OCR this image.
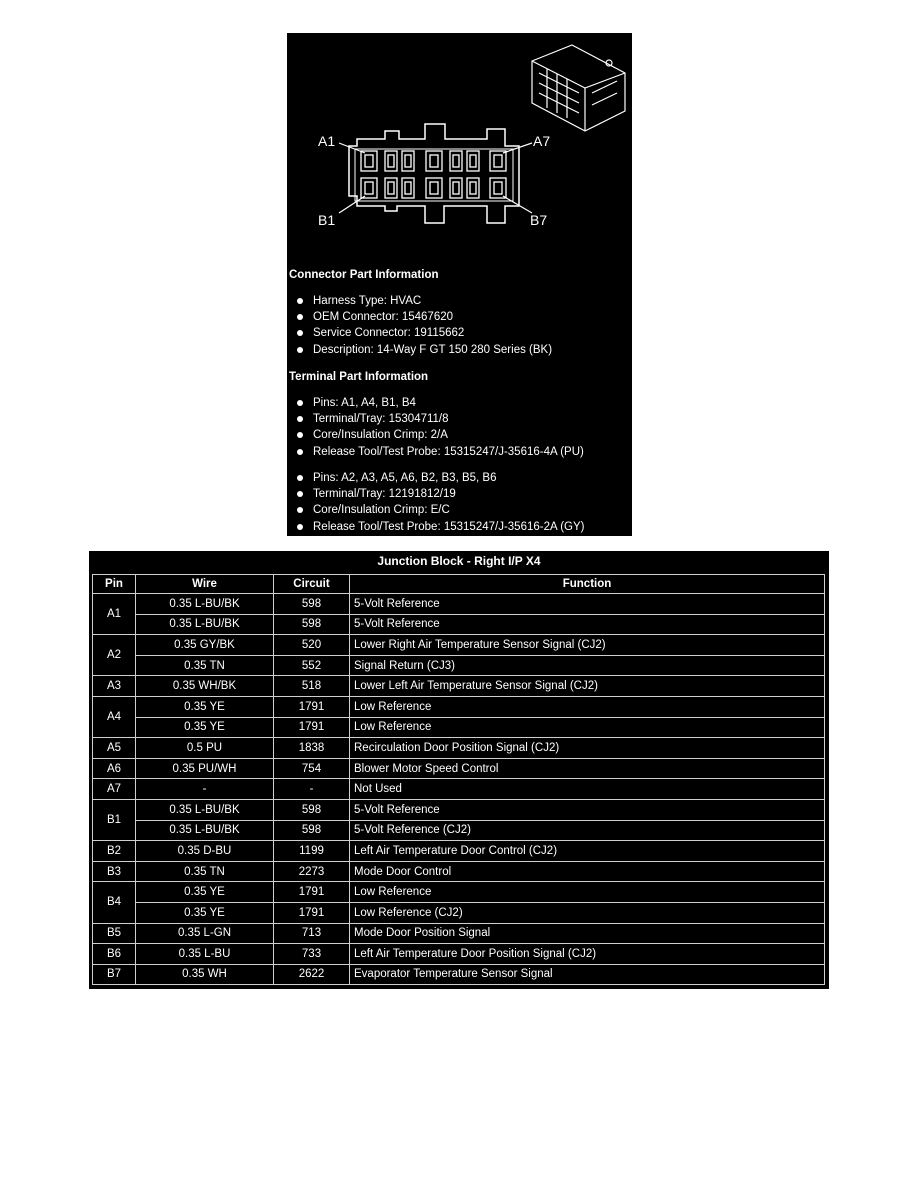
A1	A7
B1	B7
Connector Part Information
Harness Type: HVAC
OEM Connector: 15467620
Service Connector: 19115662
Description: 14-Way F GT 150 280 Series (BK)
Terminal Part Information
Pins: A1, A4, B1, B4
Terminal/Tray: 15304711/8
Core/Insulation Crimp: 2/A
Release Tool/Test Probe: 15315247/J-35616-4A (PU)
Pins: A2, A3, A5, A6, B2, B3, B5, B6
Terminal/Tray: 12191812/19
Core/Insulation Crimp: E/C
Release Tool/Test Probe: 15315247/J-35616-2A (GY)
Junction Block - Right I/P X4
Pin	Wire	Circuit	Function
A1	0.35 L-BU/BK	598	5-Volt Reference
	0.35 L-BU/BK	598	5-Volt Reference
A2	0.35 GY/BK	520	Lower Right Air Temperature Sensor Signal (CJ2)
	0.35 TN	552	Signal Return (CJ3)
A3	0.35 WH/BK	518	Lower Left Air Temperature Sensor Signal (CJ2)
A4	0.35 YE	1791	Low Reference
	0.35 YE	1791	Low Reference
A5	0.5 PU	1838	Recirculation Door Position Signal (CJ2)
A6	0.35 PU/WH	754	Blower Motor Speed Control
A7	-	-	Not Used
B1	0.35 L-BU/BK	598	5-Volt Reference
	0.35 L-BU/BK	598	5-Volt Reference (CJ2)
B2	0.35 D-BU	1199	Left Air Temperature Door Control (CJ2)
B3	0.35 TN	2273	Mode Door Control
B4	0.35 YE	1791	Low Reference
	0.35 YE	1791	Low Reference (CJ2)
B5	0.35 L-GN	713	Mode Door Position Signal
B6	0.35 L-BU	733	Left Air Temperature Door Position Signal (CJ2)
B7	0.35 WH	2622	Evaporator Temperature Sensor Signal
